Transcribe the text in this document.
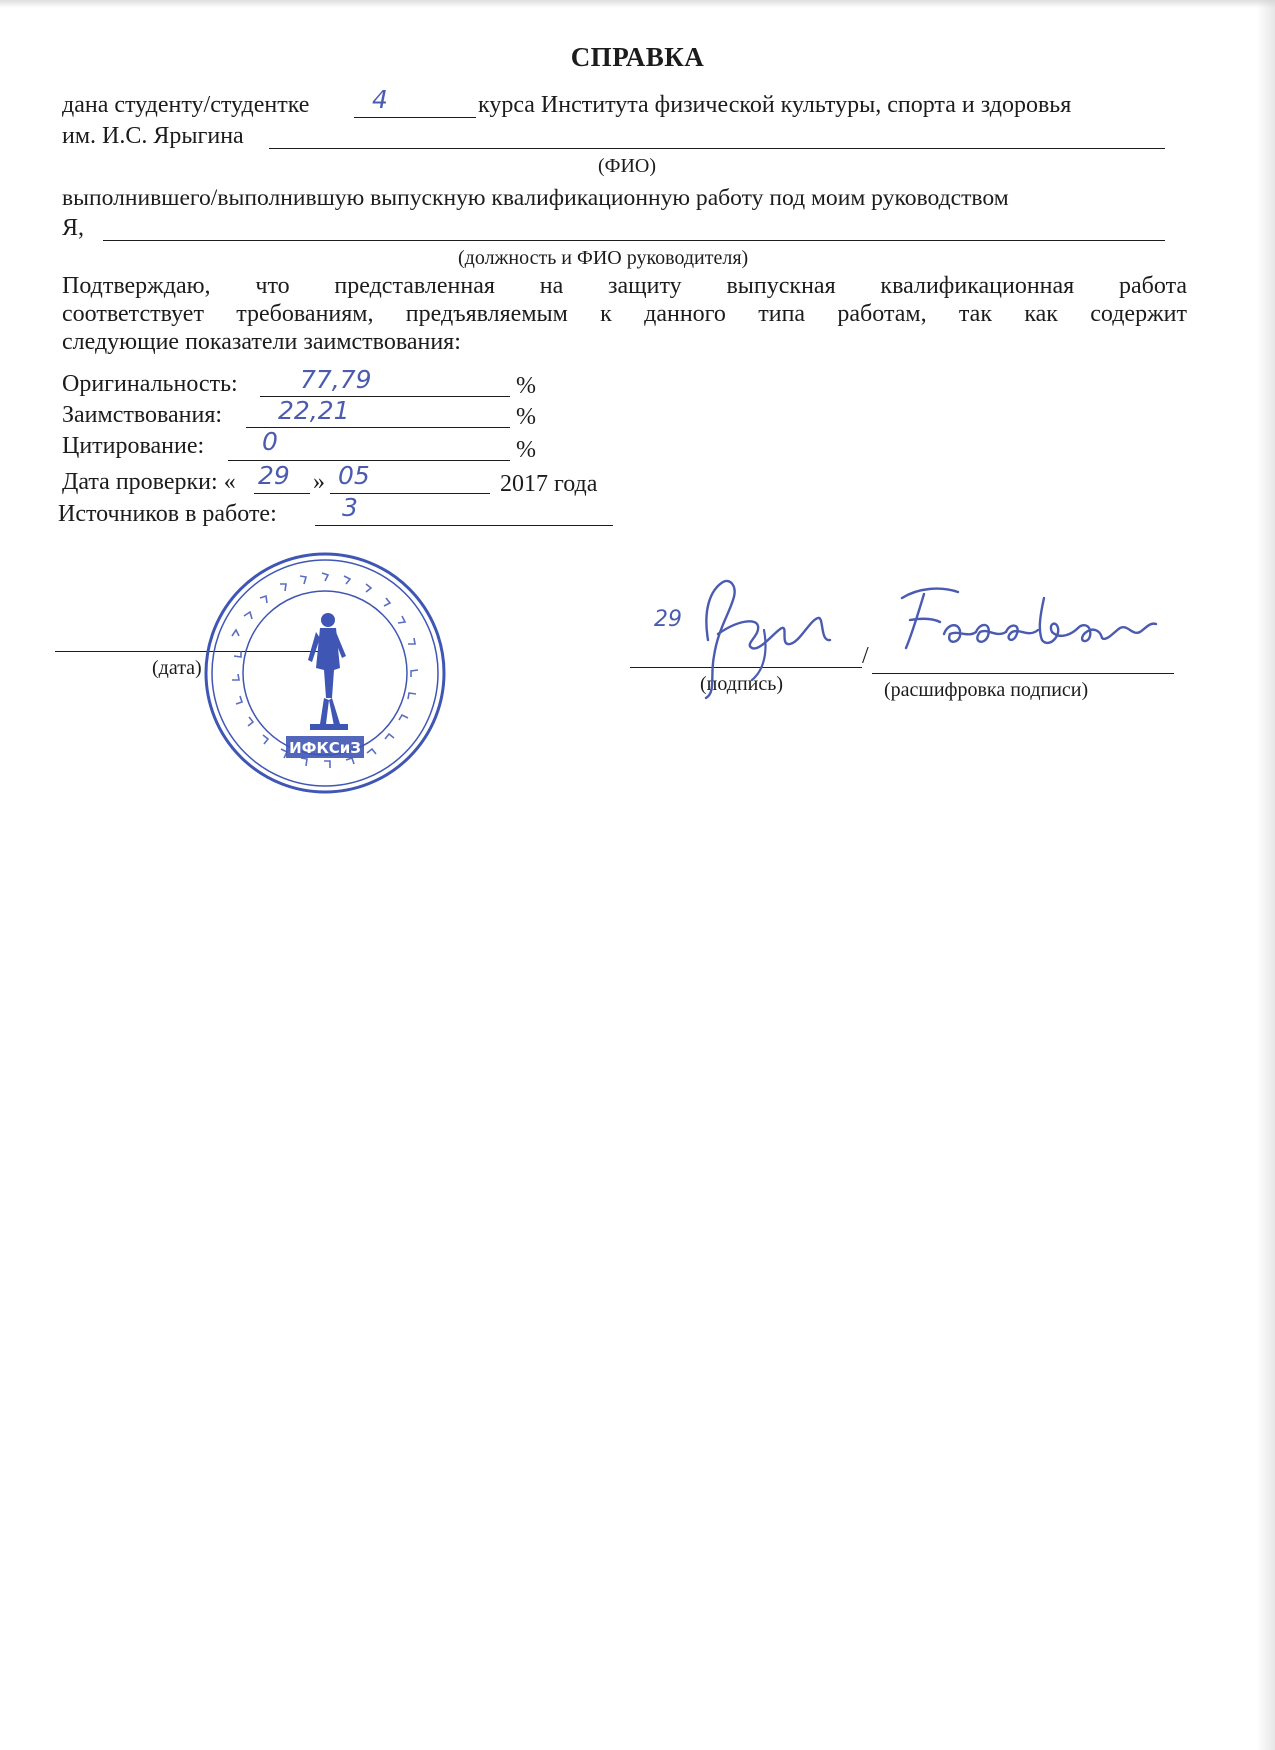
СПРАВКА
дана студенту/студентке	4	курса Института физической культуры, спорта и здоровья
им. И.С. Ярыгина
(ФИО)
выполнившего/выполнившую выпускную квалификационную работу под моим руководством
Я,
(должность и ФИО руководителя)
Подтверждаю, что представленная на защиту выпускная квалификационная работа
соответствует требованиям, предъявляемым к данного типа работам, так как содержит
следующие показатели заимствования:
Оригинальность: 77,79	%
Заимствования: 22,21	%
Цитирование: 0	%
Дата проверки: « 29 » 05	2017 года
Источников в работе:	3
(дата)
(подпись)
/
(расшифровка подписи)
29
ИФКСиЗ
